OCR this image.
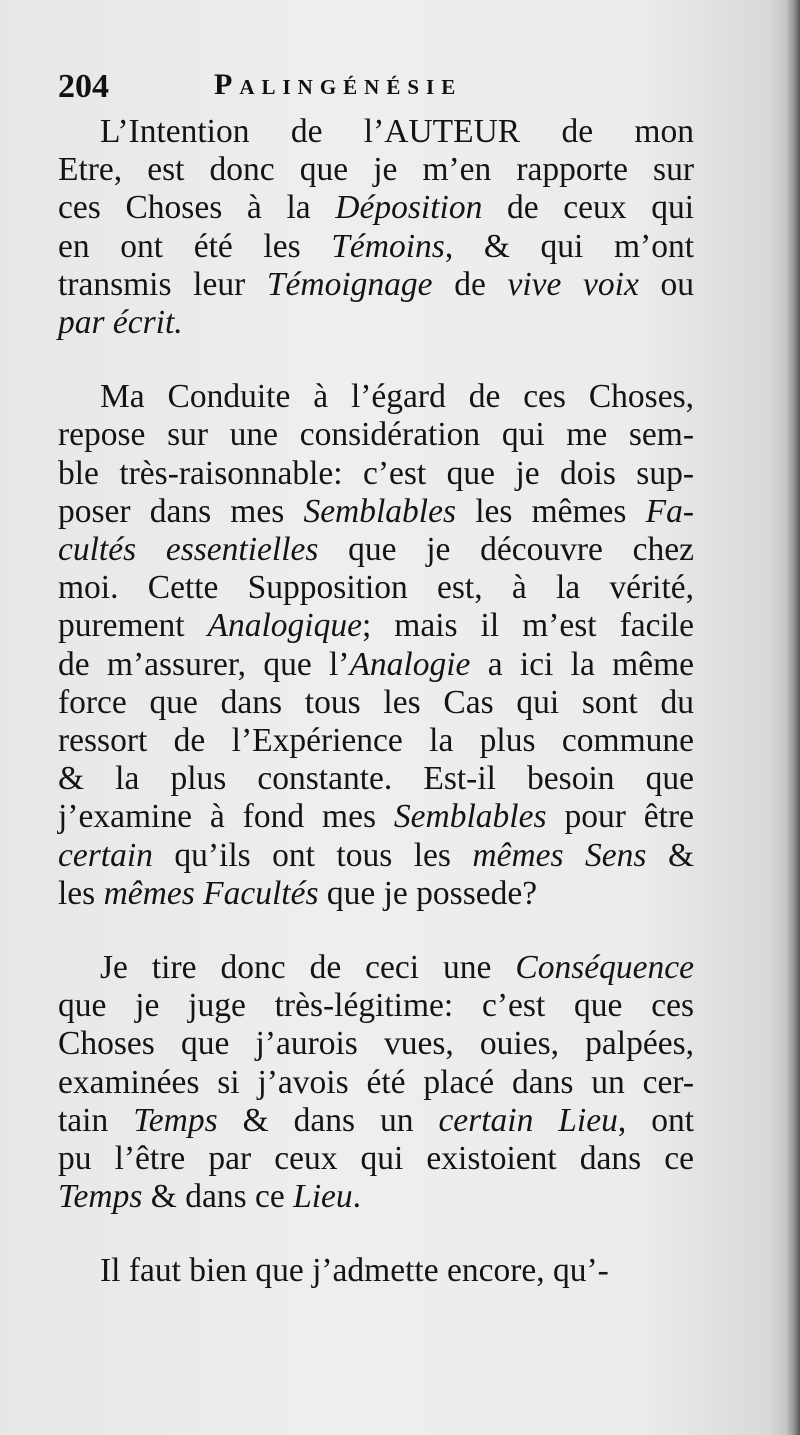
204	Palingénésie

L’Intention de l’AUTEUR de mon
Etre, est donc que je m’en rapporte sur
ces Choses à la Déposition de ceux qui
en ont été les Témoins, & qui m’ont
transmis leur Témoignage de vive voix ou
par écrit.

Ma Conduite à l’égard de ces Choses,
repose sur une considération qui me sem-
ble très-raisonnable: c’est que je dois sup-
poser dans mes Semblables les mêmes Fa-
cultés essentielles que je découvre chez
moi. Cette Supposition est, à la vérité,
purement Analogique; mais il m’est facile
de m’assurer, que l’Analogie a ici la même
force que dans tous les Cas qui sont du
ressort de l’Expérience la plus commune
& la plus constante. Est-il besoin que
j’examine à fond mes Semblables pour être
certain qu’ils ont tous les mêmes Sens &
les mêmes Facultés que je possede?

Je tire donc de ceci une Conséquence
que je juge très-légitime: c’est que ces
Choses que j’aurois vues, ouies, palpées,
examinées si j’avois été placé dans un cer-
tain Temps & dans un certain Lieu, ont
pu l’être par ceux qui existoient dans ce
Temps & dans ce Lieu.

Il faut bien que j’admette encore, qu’-
